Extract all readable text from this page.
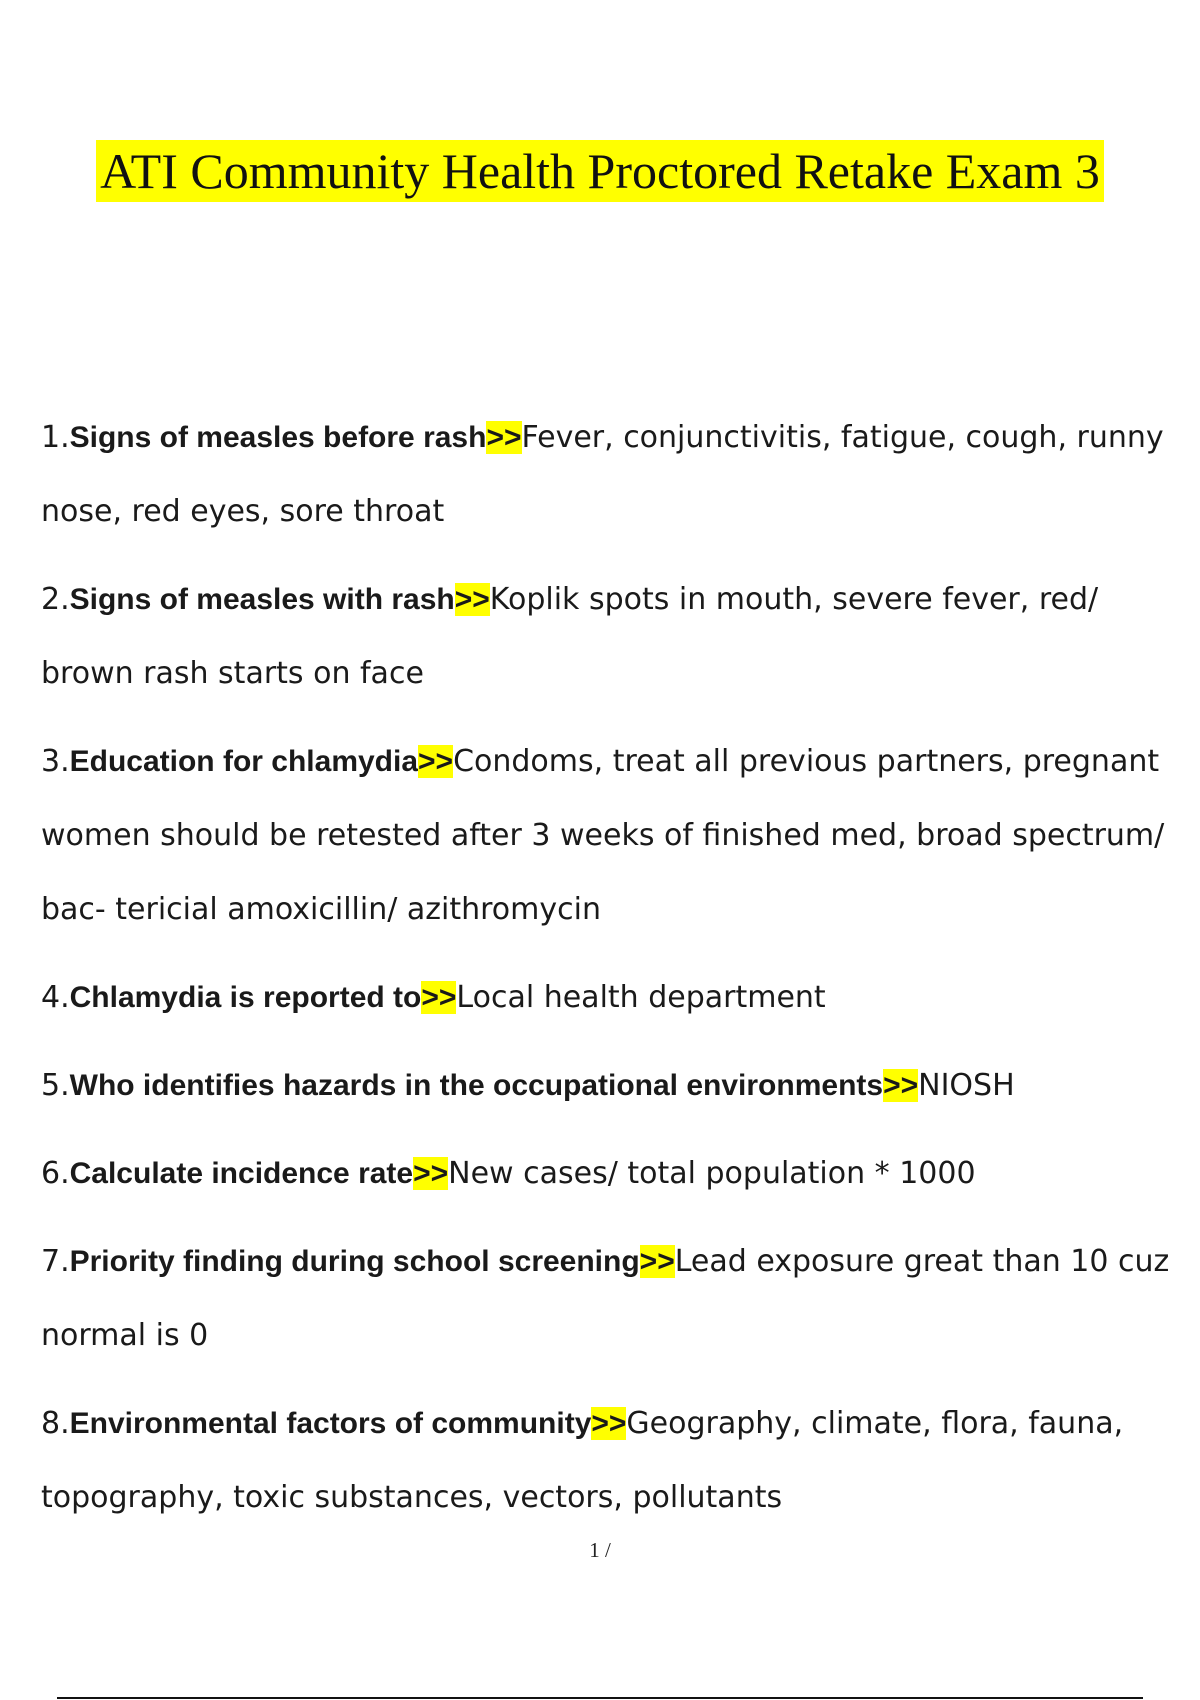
ATI Community Health Proctored Retake Exam 3
1.Signs of measles before rash>>Fever, conjunctivitis, fatigue, cough, runny nose, red eyes, sore throat
2.Signs of measles with rash>>Koplik spots in mouth, severe fever, red/ brown rash starts on face
3.Education for chlamydia>>Condoms, treat all previous partners, pregnant women should be retested after 3 weeks of finished med, broad spectrum/ bac- tericial amoxicillin/ azithromycin
4.Chlamydia is reported to>>Local health department
5.Who identifies hazards in the occupational environments>>NIOSH
6.Calculate incidence rate>>New cases/ total population * 1000
7.Priority finding during school screening>>Lead exposure great than 10 cuz normal is 0
8.Environmental factors of community>>Geography, climate, flora, fauna, topography, toxic substances, vectors, pollutants
1 /
